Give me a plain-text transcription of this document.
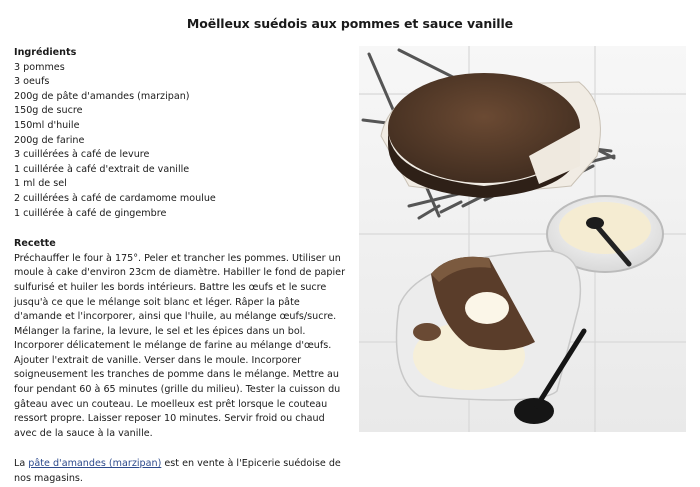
Moëlleux suédois aux pommes et sauce vanille
Ingrédients
3 pommes
3 oeufs
200g de pâte d'amandes (marzipan)
150g de sucre
150ml d'huile
200g de farine
3 cuillérées à café de levure
1 cuillérée à café d'extrait de vanille
1 ml de sel
2 cuillérées à café de cardamome moulue
1 cuillérée à café de gingembre
Recette

Préchauffer le four à 175°. Peler et trancher les pommes. Utiliser un moule à cake d'environ 23cm de diamètre. Habiller le fond de papier sulfurisé et huiler les bords intérieurs. Battre les œufs et le sucre jusqu'à ce que le mélange soit blanc et léger. Râper la pâte d'amande et l'incorporer, ainsi que l'huile, au mélange œufs/sucre. Mélanger la farine, la levure, le sel et les épices dans un bol. Incorporer délicatement le mélange de farine au mélange d'œufs. Ajouter l'extrait de vanille. Verser dans le moule. Incorporer soigneusement les tranches de pomme dans le mélange. Mettre au four pendant 60 à 65 minutes (grille du milieu). Tester la cuisson du gâteau avec un couteau. Le moelleux est prêt lorsque le couteau ressort propre. Laisser reposer 10 minutes. Servir froid ou chaud avec de la sauce à la vanille.

La pâte d'amandes (marzipan) est en vente à l'Epicerie suédoise de nos magasins.
